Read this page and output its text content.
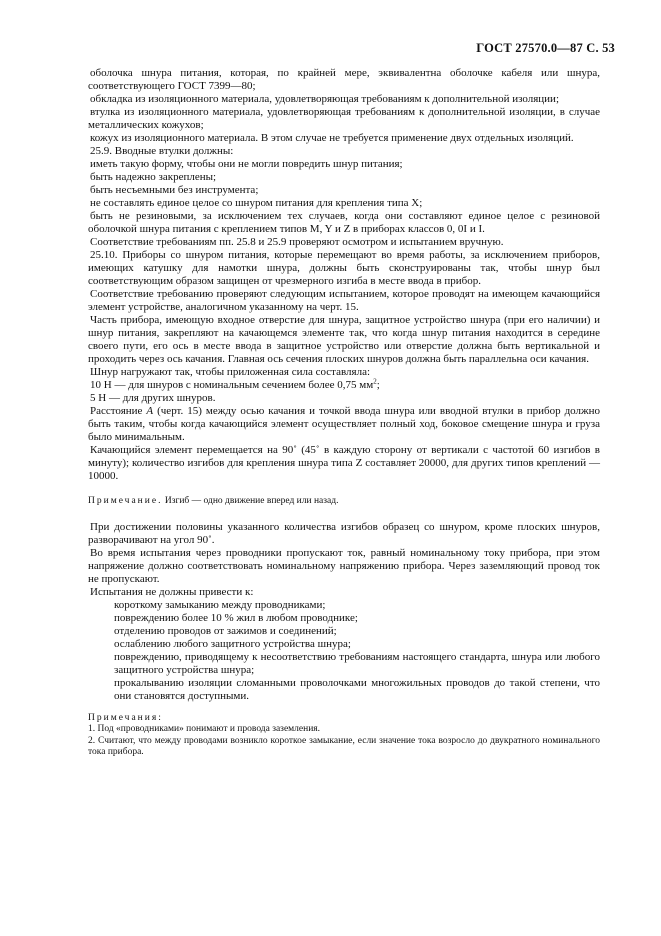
ГОСТ 27570.0—87 С. 53

оболочка шнура питания, которая, по крайней мере, эквивалентна оболочке кабеля или шнура, соответствующего ГОСТ 7399—80;

обкладка из изоляционного материала, удовлетворяющая требованиям к дополнительной изоляции;

втулка из изоляционного материала, удовлетворяющая требованиям к дополнительной изоляции, в случае металлических кожухов;

кожух из изоляционного материала. В этом случае не требуется применение двух отдельных изоляций.

25.9. Вводные втулки должны:

иметь такую форму, чтобы они не могли повредить шнур питания;

быть надежно закреплены;

быть несъемными без инструмента;

не составлять единое целое со шнуром питания для крепления типа X;

быть не резиновыми, за исключением тех случаев, когда они составляют единое целое с резиновой оболочкой шнура питания с креплением типов M, Y и Z в приборах классов 0, 0I и I.

Соответствие требованиям пп. 25.8 и 25.9 проверяют осмотром и испытанием вручную.

25.10. Приборы со шнуром питания, которые перемещают во время работы, за исключением приборов, имеющих катушку для намотки шнура, должны быть сконструированы так, чтобы шнур был соответствующим образом защищен от чрезмерного изгиба в месте ввода в прибор.

Соответствие требованию проверяют следующим испытанием, которое проводят на имеющем качающийся элемент устройстве, аналогичном указанному на черт. 15.

Часть прибора, имеющую входное отверстие для шнура, защитное устройство шнура (при его наличии) и шнур питания, закрепляют на качающемся элементе так, что когда шнур питания находится в середине своего пути, его ось в месте ввода в защитное устройство или отверстие должна быть вертикальной и проходить через ось качания. Главная ось сечения плоских шнуров должна быть параллельна оси качания.

Шнур нагружают так, чтобы приложенная сила составляла:

10 Н — для шнуров с номинальным сечением более 0,75 $мм^2$;

5 Н — для других шнуров.

Расстояние А (черт. 15) между осью качания и точкой ввода шнура или вводной втулки в прибор должно быть таким, чтобы когда качающийся элемент осуществляет полный ход, боковое смещение шнура и груза было минимальным.

Качающийся элемент перемещается на 90˚ (45˚ в каждую сторону от вертикали с частотой 60 изгибов в минуту); количество изгибов для крепления шнура типа Z составляет 20000, для других типов креплений — 10000.

Примечание. Изгиб — одно движение вперед или назад.

При достижении половины указанного количества изгибов образец со шнуром, кроме плоских шнуров, разворачивают на угол 90˚.

Во время испытания через проводники пропускают ток, равный номинальному току прибора, при этом напряжение должно соответствовать номинальному напряжению прибора. Через заземляющий провод ток не пропускают.

Испытания не должны привести к:

короткому замыканию между проводниками;

повреждению более 10 % жил в любом проводнике;

отделению проводов от зажимов и соединений;

ослаблению любого защитного устройства шнура;

повреждению, приводящему к несоответствию требованиям настоящего стандарта, шнура или любого защитного устройства шнура;

прокалыванию изоляции сломанными проволочками многожильных проводов до такой степени, что они становятся доступными.

Примечания:

1. Под «проводниками» понимают и провода заземления.

2. Считают, что между проводами возникло короткое замыкание, если значение тока возросло до двукратного номинального тока прибора.
